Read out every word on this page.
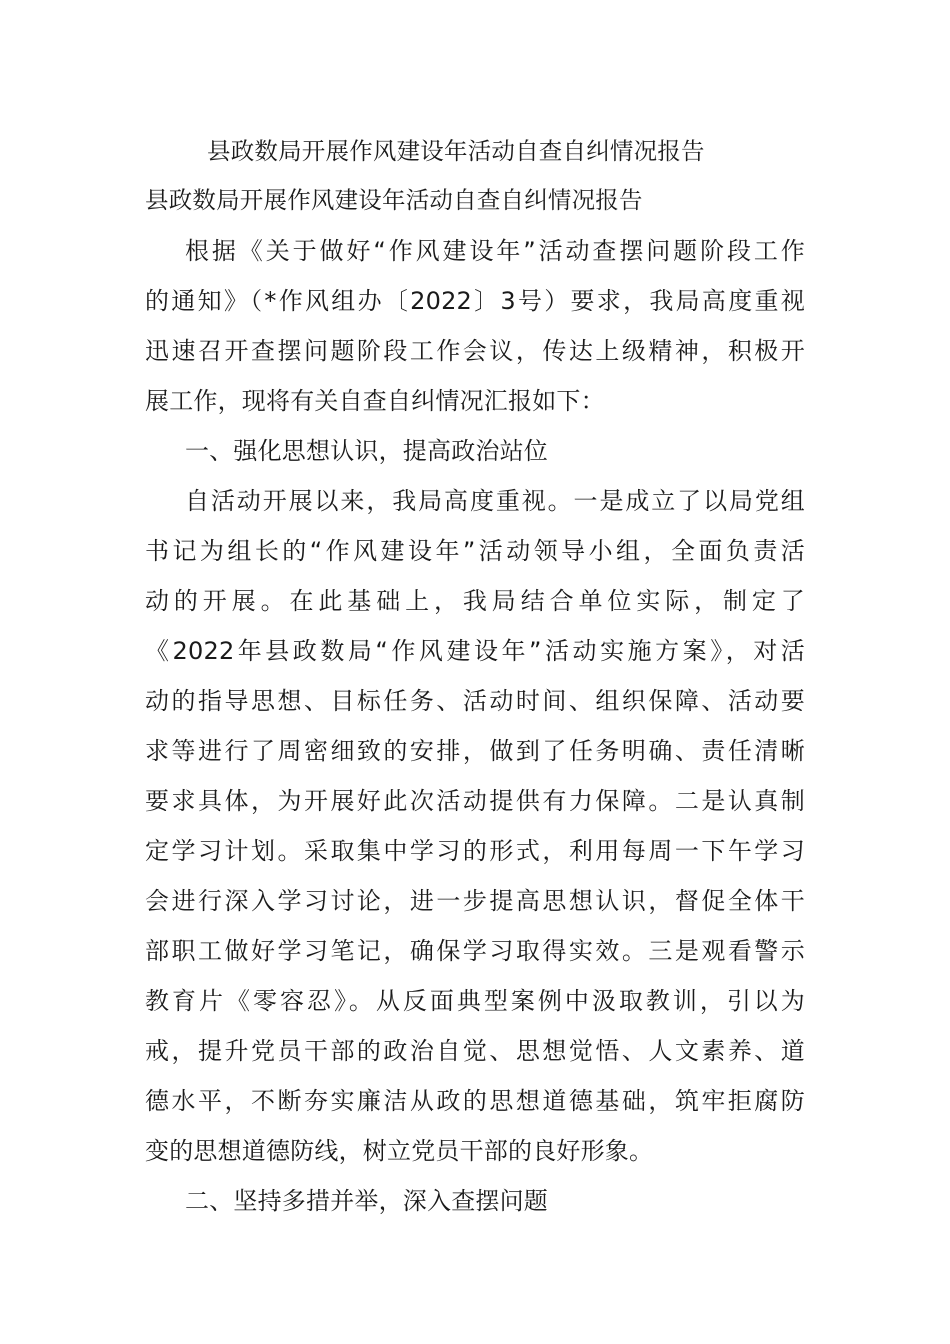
县政数局开展作风建设年活动自查自纠情况报告
县政数局开展作风建设年活动自查自纠情况报告
根据《关于做好“作风建设年”活动查摆问题阶段工作
的通知》（*作风组办〔2022〕3号）要求，我局高度重视
迅速召开查摆问题阶段工作会议，传达上级精神，积极开
展工作，现将有关自查自纠情况汇报如下：
一、强化思想认识，提高政治站位
自活动开展以来，我局高度重视。一是成立了以局党组
书记为组长的“作风建设年”活动领导小组，全面负责活
动的开展。在此基础上，我局结合单位实际，制定了
《2022年县政数局“作风建设年”活动实施方案》，对活
动的指导思想、目标任务、活动时间、组织保障、活动要
求等进行了周密细致的安排，做到了任务明确、责任清晰
要求具体，为开展好此次活动提供有力保障。二是认真制
定学习计划。采取集中学习的形式，利用每周一下午学习
会进行深入学习讨论，进一步提高思想认识，督促全体干
部职工做好学习笔记，确保学习取得实效。三是观看警示
教育片《零容忍》。从反面典型案例中汲取教训，引以为
戒，提升党员干部的政治自觉、思想觉悟、人文素养、道
德水平，不断夯实廉洁从政的思想道德基础，筑牢拒腐防
变的思想道德防线，树立党员干部的良好形象。
二、坚持多措并举，深入查摆问题
